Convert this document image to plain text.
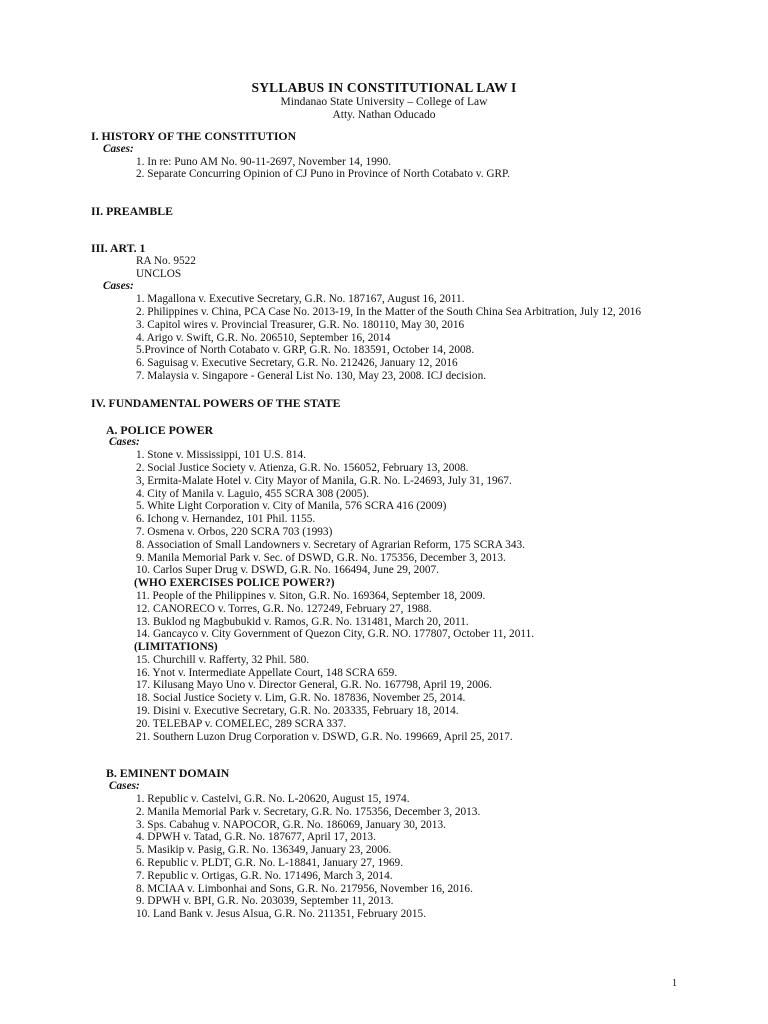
SYLLABUS IN CONSTITUTIONAL LAW I
Mindanao State University – College of Law
Atty. Nathan Oducado
I. HISTORY OF THE CONSTITUTION
Cases:
1. In re: Puno AM No. 90-11-2697, November 14, 1990.
2. Separate Concurring Opinion of CJ Puno in Province of North Cotabato v. GRP.
II. PREAMBLE
III. ART. 1
RA No. 9522
UNCLOS
Cases:
1. Magallona v. Executive Secretary, G.R. No. 187167, August 16, 2011.
2. Philippines v. China, PCA Case No. 2013-19, In the Matter of the South China Sea Arbitration, July 12, 2016
3. Capitol wires v. Provincial Treasurer, G.R. No. 180110, May 30, 2016
4. Arigo v. Swift, G.R. No. 206510, September 16, 2014
5.Province of North Cotabato v. GRP, G.R. No. 183591, October 14, 2008.
6. Saguisag v. Executive Secretary, G.R. No. 212426, January 12, 2016
7. Malaysia v. Singapore - General List No. 130, May 23, 2008. ICJ decision.
IV. FUNDAMENTAL POWERS OF THE STATE
A. POLICE POWER
Cases:
1. Stone v. Mississippi, 101 U.S. 814.
2. Social Justice Society v. Atienza, G.R. No. 156052, February 13, 2008.
3, Ermita-Malate Hotel v. City Mayor of Manila, G.R. No. L-24693, July 31, 1967.
4. City of Manila v. Laguio, 455 SCRA 308 (2005).
5. White Light Corporation v. City of Manila, 576 SCRA 416 (2009)
6. Ichong v. Hernandez, 101 Phil. 1155.
7. Osmena v. Orbos, 220 SCRA 703 (1993)
8. Association of Small Landowners v. Secretary of Agrarian Reform, 175 SCRA 343.
9. Manila Memorial Park v. Sec. of DSWD, G.R. No. 175356, December 3, 2013.
10. Carlos Super Drug v. DSWD, G.R. No. 166494, June 29, 2007.
(WHO EXERCISES POLICE POWER?)
11. People of the Philippines v. Siton, G.R. No. 169364, September 18, 2009.
12. CANORECO v. Torres, G.R. No. 127249, February 27, 1988.
13. Buklod ng Magbubukid v. Ramos, G.R. No. 131481, March 20, 2011.
14. Gancayco v. City Government of Quezon City, G.R. NO. 177807, October 11, 2011.
(LIMITATIONS)
15. Churchill v. Rafferty, 32 Phil. 580.
16. Ynot v. Intermediate Appellate Court, 148 SCRA 659.
17. Kilusang Mayo Uno v. Director General, G.R. No. 167798, April 19, 2006.
18. Social Justice Society v. Lim, G.R. No. 187836, November 25, 2014.
19. Disini v. Executive Secretary, G.R. No. 203335, February 18, 2014.
20. TELEBAP v. COMELEC, 289 SCRA 337.
21. Southern Luzon Drug Corporation v. DSWD, G.R. No. 199669, April 25, 2017.
B. EMINENT DOMAIN
Cases:
1. Republic v. Castelvi, G.R. No. L-20620, August 15, 1974.
2. Manila Memorial Park v. Secretary, G.R. No. 175356, December 3, 2013.
3. Sps. Cabahug v. NAPOCOR, G.R. No. 186069, January 30, 2013.
4. DPWH v. Tatad, G.R. No. 187677, April 17, 2013.
5. Masikip v. Pasig, G.R. No. 136349, January 23, 2006.
6. Republic v. PLDT, G.R. No. L-18841, January 27, 1969.
7. Republic v. Ortigas, G.R. No. 171496, March 3, 2014.
8. MCIAA v. Limbonhai and Sons, G.R. No. 217956, November 16, 2016.
9. DPWH v. BPI, G.R. No. 203039, September 11, 2013.
10. Land Bank v. Jesus Alsua, G.R. No. 211351, February 2015.
1
